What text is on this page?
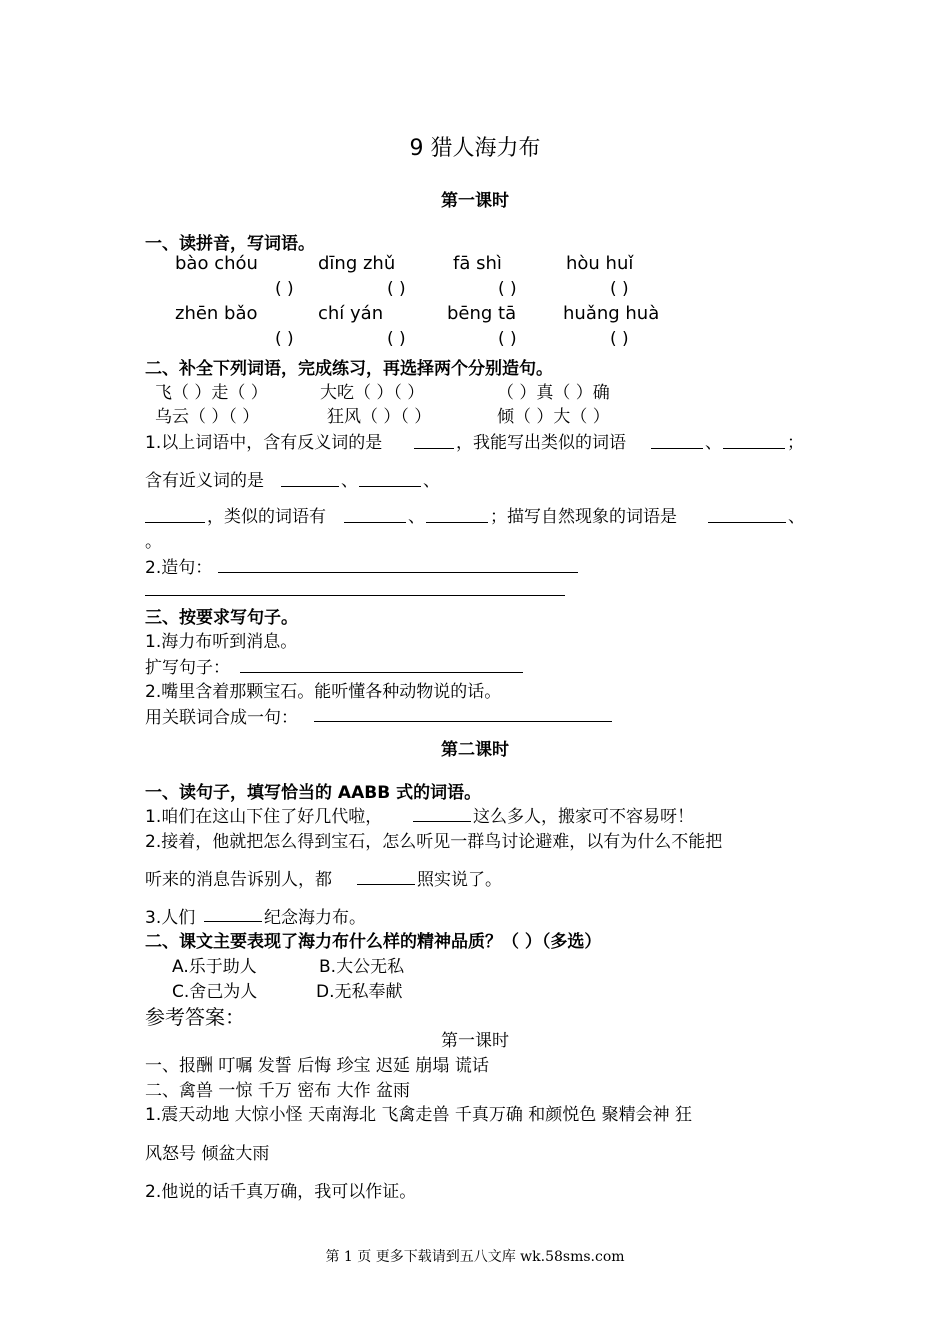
9 猎人海力布
第一课时
一、读拼音，写词语。
bào chóu	dīng zhǔ	fā shì	hòu huǐ
( )	( )	( )	( )
zhēn bǎo	chí yán	bēng tā	huǎng huà
( )	( )	( )	( )
二、补全下列词语，完成练习，再选择两个分别造句。
飞（ ）走（ ）	大吃（ ）（ ）	（ ）真（ ）确
乌云（ ）（ ）	狂风（ ）（ ）	倾（ ）大（ ）
1.以上词语中，含有反义词的是	，我能写出类似的词语	、	；
含有近义词的是	、	、
，类似的词语有	、	；描写自然现象的词语是	、
。
2.造句：
三、按要求写句子。
1.海力布听到消息。
扩写句子：
2.嘴里含着那颗宝石。能听懂各种动物说的话。
用关联词合成一句：
第二课时
一、读句子，填写恰当的 AABB 式的词语。
1.咱们在这山下住了好几代啦，	这么多人，搬家可不容易呀！
2.接着，他就把怎么得到宝石，怎么听见一群鸟讨论避难，以有为什么不能把
听来的消息告诉别人，都	照实说了。
3.人们	纪念海力布。
二、课文主要表现了海力布什么样的精神品质？（ ）（多选）
A.乐于助人	B.大公无私
C.舍己为人	D.无私奉献
参考答案：
第一课时
一、报酬 叮嘱 发誓 后悔 珍宝 迟延 崩塌 谎话
二、禽兽 一惊 千万 密布 大作 盆雨
1.震天动地 大惊小怪 天南海北 飞禽走兽 千真万确 和颜悦色 聚精会神 狂
风怒号 倾盆大雨
2.他说的话千真万确，我可以作证。
第 1 页 更多下载请到五八文库 wk.58sms.com
